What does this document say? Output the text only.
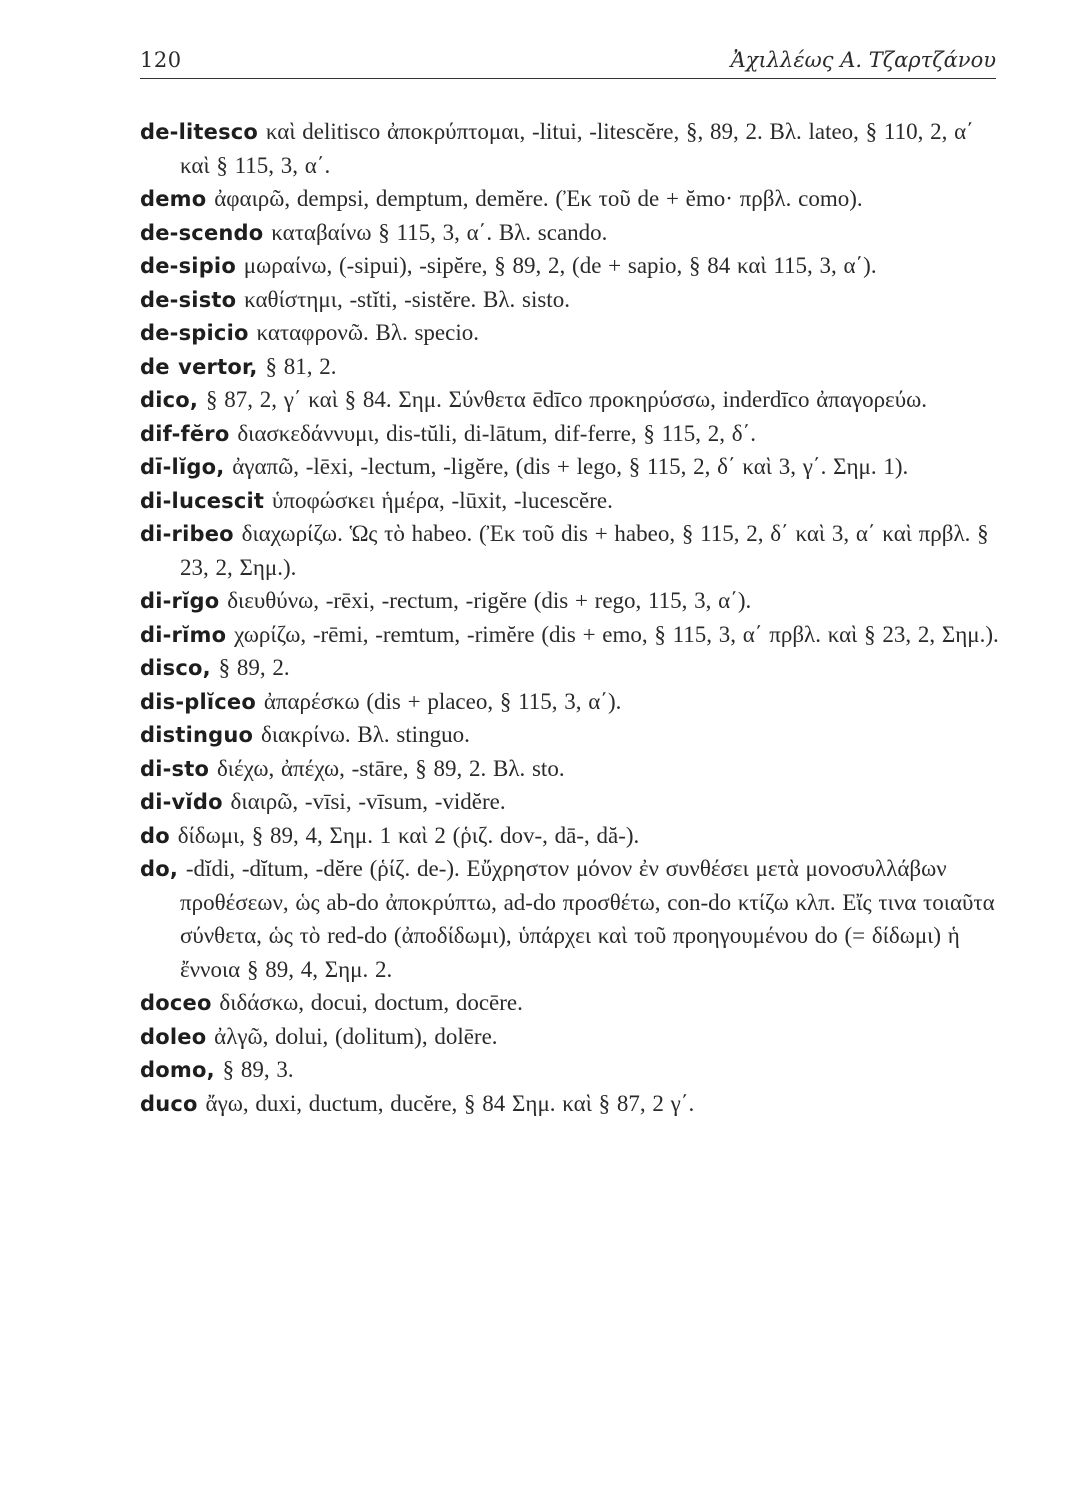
120	Ἀχιλλέως Α. Τζαρτζάνου
de-litesco καὶ delitisco ἀποκρύπτομαι, -litui, -litescĕre, §, 89, 2. Βλ. lateo, § 110, 2, α΄ καὶ § 115, 3, α΄.
demo ἀφαιρῶ, dempsi, demptum, demĕre. (Ἐκ τοῦ de + ĕmo· πρβλ. como).
de-scendo καταβαίνω § 115, 3, α΄. Βλ. scando.
de-sipio μωραίνω, (-sipui), -sipĕre, § 89, 2, (de + sapio, § 84 καὶ 115, 3, α΄).
de-sisto καθίστημι, -stĭti, -sistĕre. Βλ. sisto.
de-spicio καταφρονῶ. Βλ. specio.
de vertor, § 81, 2.
dico, § 87, 2, γ΄ καὶ § 84. Σημ. Σύνθετα ēdīco προκηρύσσω, inderdīco ἀπαγορεύω.
dif-fĕro διασκεδάννυμι, dis-tŭli, di-lātum, dif-ferre, § 115, 2, δ΄.
dī-lĭgo, ἀγαπῶ, -lēxi, -lectum, -ligĕre, (dis + lego, § 115, 2, δ΄ καὶ 3, γ΄. Σημ. 1).
di-lucescit ὑποφώσκει ἡμέρα, -lūxit, -lucescĕre.
di-ribeo διαχωρίζω. Ὡς τὸ habeo. (Ἐκ τοῦ dis + habeo, § 115, 2, δ΄ καὶ 3, α΄ καὶ πρβλ. § 23, 2, Σημ.).
di-rĭgo διευθύνω, -rēxi, -rectum, -rigĕre (dis + rego, 115, 3, α΄).
di-rĭmo χωρίζω, -rēmi, -remtum, -rimĕre (dis + emo, § 115, 3, α΄ πρβλ. καὶ § 23, 2, Σημ.).
disco, § 89, 2.
dis-plĭceo ἀπαρέσκω (dis + placeo, § 115, 3, α΄).
distinguo διακρίνω. Βλ. stinguo.
di-sto διέχω, ἀπέχω, -stāre, § 89, 2. Βλ. sto.
di-vĭdo διαιρῶ, -vīsi, -vīsum, -vidĕre.
do δίδωμι, § 89, 4, Σημ. 1 καὶ 2 (ῥιζ. dov-, dā-, dă-).
do, -dĭdi, -dĭtum, -dĕre (ῥίζ. de-). Εὔχρηστον μόνον ἐν συνθέσει μετὰ μονοσυλλάβων προθέσεων, ὡς ab-do ἀποκρύπτω, ad-do προσθέτω, con-do κτίζω κλπ. Εἴς τινα τοιαῦτα σύνθετα, ὡς τὸ red-do (ἀποδίδωμι), ὑπάρχει καὶ τοῦ προηγουμένου do (= δίδωμι) ἡ ἔννοια § 89, 4, Σημ. 2.
doceo διδάσκω, docui, doctum, docēre.
doleo ἀλγῶ, dolui, (dolitum), dolēre.
domo, § 89, 3.
duco ἄγω, duxi, ductum, ducĕre, § 84 Σημ. καὶ § 87, 2 γ΄.
